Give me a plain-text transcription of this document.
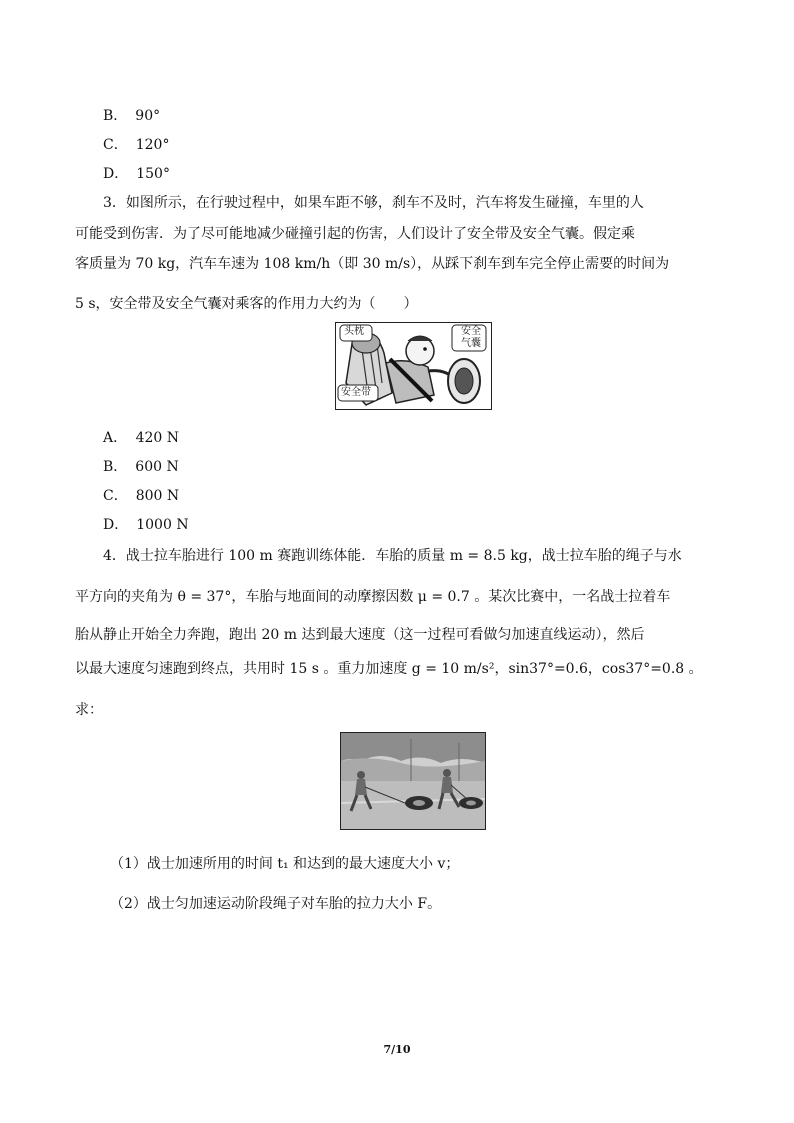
B． 90°
C． 120°
D． 150°
3．如图所示，在行驶过程中，如果车距不够，刹车不及时，汽车将发生碰撞，车里的人
可能受到伤害．为了尽可能地减少碰撞引起的伤害，人们设计了安全带及安全气囊。假定乘
客质量为 70 kg，汽车车速为 108 km/h（即 30 m/s），从踩下刹车到车完全停止需要的时间为
5 s，安全带及安全气囊对乘客的作用力大约为（　　）
头枕	安全
气囊
安全带
A． 420 N
B． 600 N
C． 800 N
D． 1000 N
4．战士拉车胎进行 100 m 赛跑训练体能．车胎的质量 m = 8.5 kg，战士拉车胎的绳子与水
平方向的夹角为 θ = 37°，车胎与地面间的动摩擦因数 μ = 0.7 。某次比赛中，一名战士拉着车
胎从静止开始全力奔跑，跑出 20 m 达到最大速度（这一过程可看做匀加速直线运动），然后
以最大速度匀速跑到终点，共用时 15 s 。重力加速度 g = 10 m/s²，sin37°=0.6，cos37°=0.8 。
求：
（1）战士加速所用的时间 t₁ 和达到的最大速度大小 v；
（2）战士匀加速运动阶段绳子对车胎的拉力大小 F。
7/10
